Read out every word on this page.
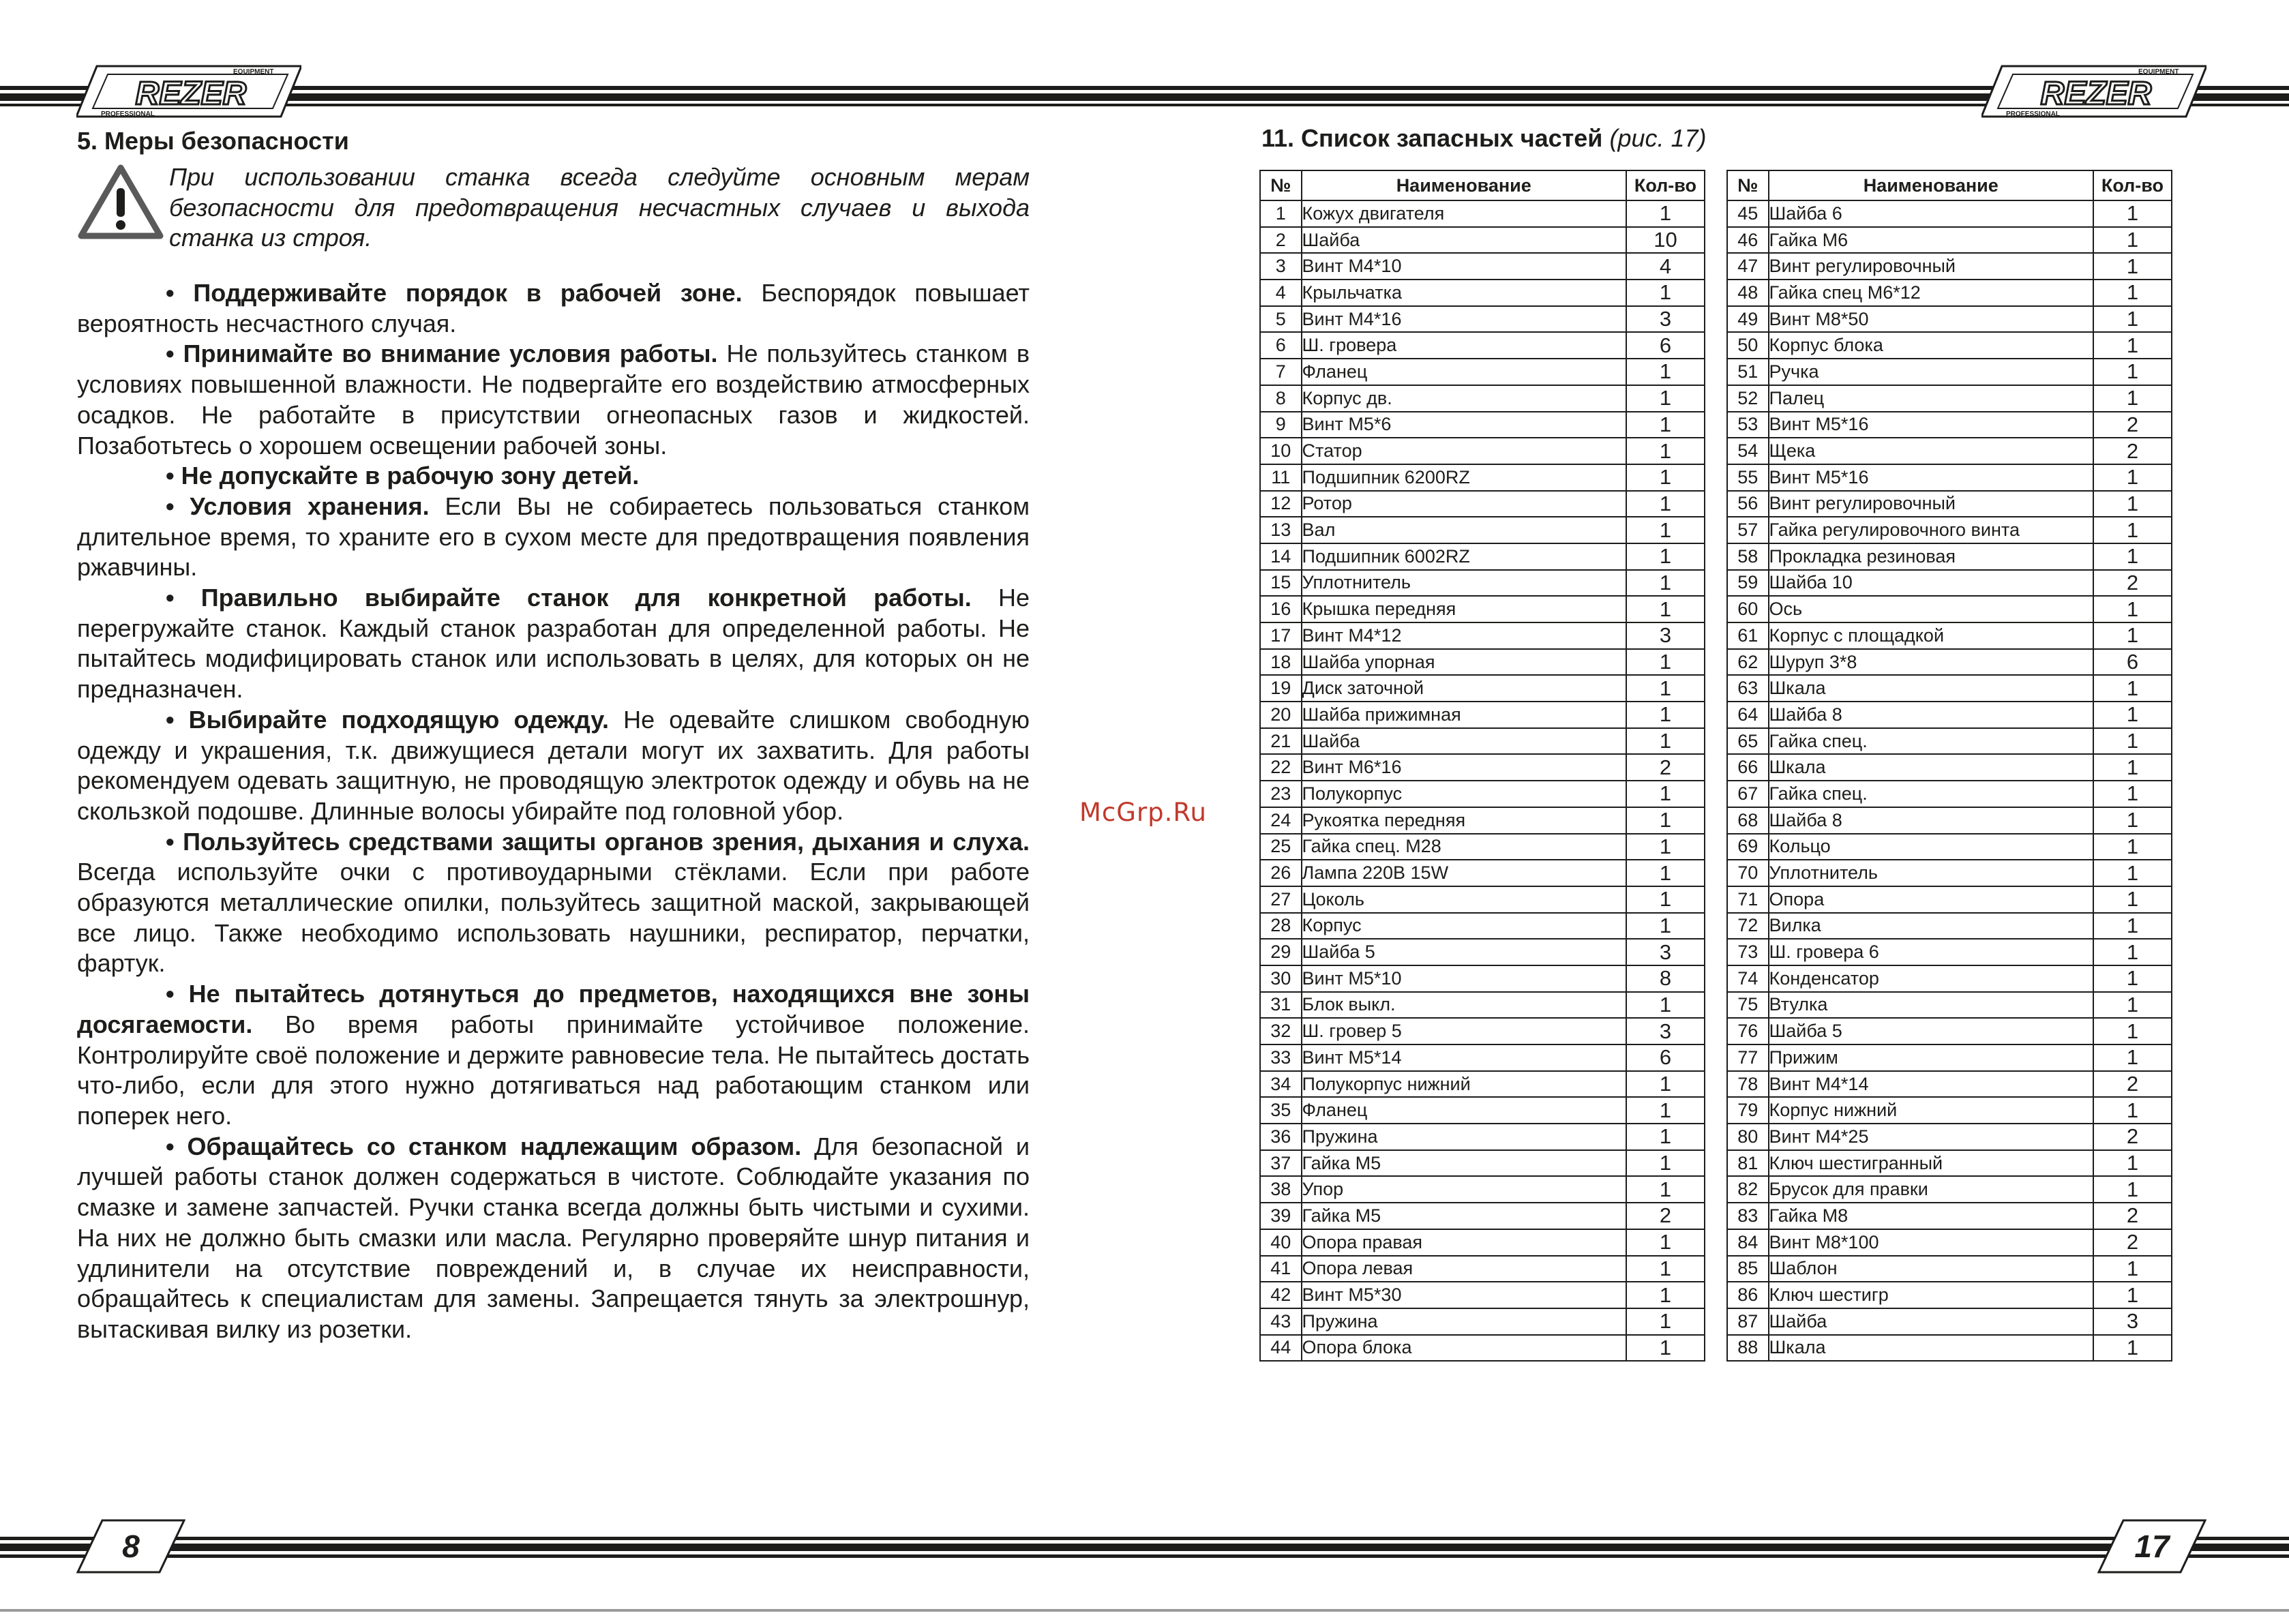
REZER
EQUIPMENT
PROFESSIONAL
REZER
EQUIPMENT
PROFESSIONAL
5. Меры безопасности

При использовании станка всегда следуйте основным мерам безопасности для предотвращения несчастных случаев и выхода станка из строя.

• Поддерживайте порядок в рабочей зоне. Беспорядок повышает вероятность несчастного случая.

• Принимайте во внимание условия работы. Не пользуйтесь станком в условиях повышенной влажности. Не подвергайте его воздействию атмосферных осадков. Не работайте в присутствии огнеопасных газов и жидкостей. Позаботьтесь о хорошем освещении рабочей зоны.

• Не допускайте в рабочую зону детей.

• Условия хранения. Если Вы не собираетесь пользоваться станком длительное время, то храните его в сухом месте для предотвращения появления ржавчины.

• Правильно выбирайте станок для конкретной работы. Не перегружайте станок. Каждый станок разработан для определенной работы. Не пытайтесь модифицировать станок или использовать в целях, для которых он не предназначен.

• Выбирайте подходящую одежду. Не одевайте слишком свободную одежду и украшения, т.к. движущиеся детали могут их захватить. Для работы рекомендуем одевать защитную, не проводящую электроток одежду и обувь на не скользкой подошве. Длинные волосы убирайте под головной убор.

• Пользуйтесь средствами защиты органов зрения, дыхания и слуха. Всегда используйте очки с противоударными стёклами. Если при работе образуются металлические опилки, пользуйтесь защитной маской, закрывающей все лицо. Также необходимо использовать наушники, респиратор, перчатки, фартук.

• Не пытайтесь дотянуться до предметов, находящихся вне зоны досягаемости. Во время работы принимайте устойчивое положение. Контролируйте своё положение и держите равновесие тела. Не пытайтесь достать что-либо, если для этого нужно дотягиваться над работающим станком или поперек него.

• Обращайтесь со станком надлежащим образом. Для безопасной и лучшей работы станок должен содержаться в чистоте. Соблюдайте указания по смазке и замене запчастей. Ручки станка всегда должны быть чистыми и сухими. На них не должно быть смазки или масла. Регулярно проверяйте шнур питания и удлинители на отсутствие повреждений и, в случае их неисправности, обращайтесь к специалистам для замены. Запрещается тянуть за электрошнур, вытаскивая вилку из розетки.

McGrp.Ru
11. Список запасных частей (рис. 17)
№	Наименование	Кол-во
1	Кожух двигателя	1
2	Шайба	10
3	Винт М4*10	4
4	Крыльчатка	1
5	Винт М4*16	3
6	Ш. гровера	6
7	Фланец	1
8	Корпус дв.	1
9	Винт М5*6	1
10	Статор	1
11	Подшипник 6200RZ	1
12	Ротор	1
13	Вал	1
14	Подшипник 6002RZ	1
15	Уплотнитель	1
16	Крышка передняя	1
17	Винт М4*12	3
18	Шайба упорная	1
19	Диск заточной	1
20	Шайба прижимная	1
21	Шайба	1
22	Винт М6*16	2
23	Полукорпус	1
24	Рукоятка передняя	1
25	Гайка спец. М28	1
26	Лампа 220В 15W	1
27	Цоколь	1
28	Корпус	1
29	Шайба 5	3
30	Винт М5*10	8
31	Блок выкл.	1
32	Ш. гровер 5	3
33	Винт М5*14	6
34	Полукорпус нижний	1
35	Фланец	1
36	Пружина	1
37	Гайка М5	1
38	Упор	1
39	Гайка М5	2
40	Опора правая	1
41	Опора левая	1
42	Винт М5*30	1
43	Пружина	1
44	Опора блока	1
№	Наименование	Кол-во
45	Шайба 6	1
46	Гайка М6	1
47	Винт регулировочный	1
48	Гайка спец М6*12	1
49	Винт М8*50	1
50	Корпус блока	1
51	Ручка	1
52	Палец	1
53	Винт М5*16	2
54	Щека	2
55	Винт М5*16	1
56	Винт регулировочный	1
57	Гайка регулировочного винта	1
58	Прокладка резиновая	1
59	Шайба 10	2
60	Ось	1
61	Корпус с площадкой	1
62	Шуруп 3*8	6
63	Шкала	1
64	Шайба 8	1
65	Гайка спец.	1
66	Шкала	1
67	Гайка спец.	1
68	Шайба 8	1
69	Кольцо	1
70	Уплотнитель	1
71	Опора	1
72	Вилка	1
73	Ш. гровера 6	1
74	Конденсатор	1
75	Втулка	1
76	Шайба 5	1
77	Прижим	1
78	Винт М4*14	2
79	Корпус нижний	1
80	Винт М4*25	2
81	Ключ шестигранный	1
82	Брусок для правки	1
83	Гайка М8	2
84	Винт М8*100	2
85	Шаблон	1
86	Ключ шестигр	1
87	Шайба	3
88	Шкала	1
8	17
